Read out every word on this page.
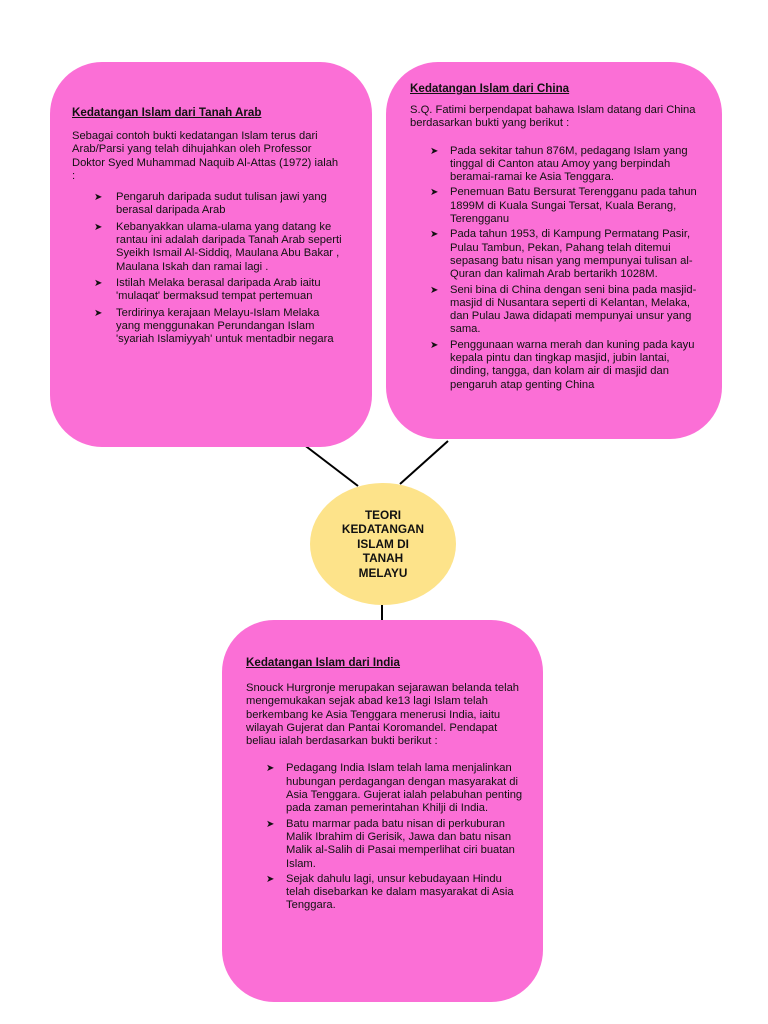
Kedatangan Islam dari Tanah Arab

Sebagai contoh bukti kedatangan Islam terus dari Arab/Parsi yang telah dihujahkan oleh Professor Doktor Syed Muhammad Naquib Al-Attas (1972) ialah :

➤ Pengaruh daripada sudut tulisan jawi yang berasal daripada Arab
➤ Kebanyakkan ulama-ulama yang datang ke rantau ini adalah daripada Tanah Arab seperti Syeikh Ismail Al-Siddiq, Maulana Abu Bakar , Maulana Iskah dan ramai lagi .
➤ Istilah Melaka berasal daripada Arab iaitu 'mulaqat' bermaksud tempat pertemuan
➤ Terdirinya kerajaan Melayu-Islam Melaka yang menggunakan Perundangan Islam 'syariah Islamiyyah' untuk mentadbir negara
Kedatangan Islam dari China

S.Q. Fatimi berpendapat bahawa Islam datang dari China berdasarkan bukti yang berikut :

➤ Pada sekitar tahun 876M, pedagang Islam yang tinggal di Canton atau Amoy yang berpindah beramai-ramai ke Asia Tenggara.
➤ Penemuan Batu Bersurat Terengganu pada tahun 1899M di Kuala Sungai Tersat, Kuala Berang, Terengganu
➤ Pada tahun 1953, di Kampung Permatang Pasir, Pulau Tambun, Pekan, Pahang telah ditemui sepasang batu nisan yang mempunyai tulisan al-Quran dan kalimah Arab bertarikh 1028M.
➤ Seni bina di China dengan seni bina pada masjid-masjid di Nusantara seperti di Kelantan, Melaka, dan Pulau Jawa didapati mempunyai unsur yang sama.
➤ Penggunaan warna merah dan kuning pada kayu kepala pintu dan tingkap masjid, jubin lantai, dinding, tangga, dan kolam air di masjid dan pengaruh atap genting China
TEORI
KEDATANGAN
ISLAM DI
TANAH
MELAYU
Kedatangan Islam dari India

Snouck Hurgronje merupakan sejarawan belanda telah mengemukakan sejak abad ke13 lagi Islam telah berkembang ke Asia Tenggara menerusi India, iaitu wilayah Gujerat dan Pantai Koromandel. Pendapat beliau ialah berdasarkan bukti berikut :

➤ Pedagang India Islam telah lama menjalinkan hubungan perdagangan dengan masyarakat di Asia Tenggara. Gujerat ialah pelabuhan penting pada zaman pemerintahan Khilji di India.
➤ Batu marmar pada batu nisan di perkuburan Malik Ibrahim di Gerisik, Jawa dan batu nisan Malik al-Salih di Pasai memperlihat ciri buatan Islam.
➤ Sejak dahulu lagi, unsur kebudayaan Hindu telah disebarkan ke dalam masyarakat di Asia Tenggara.
